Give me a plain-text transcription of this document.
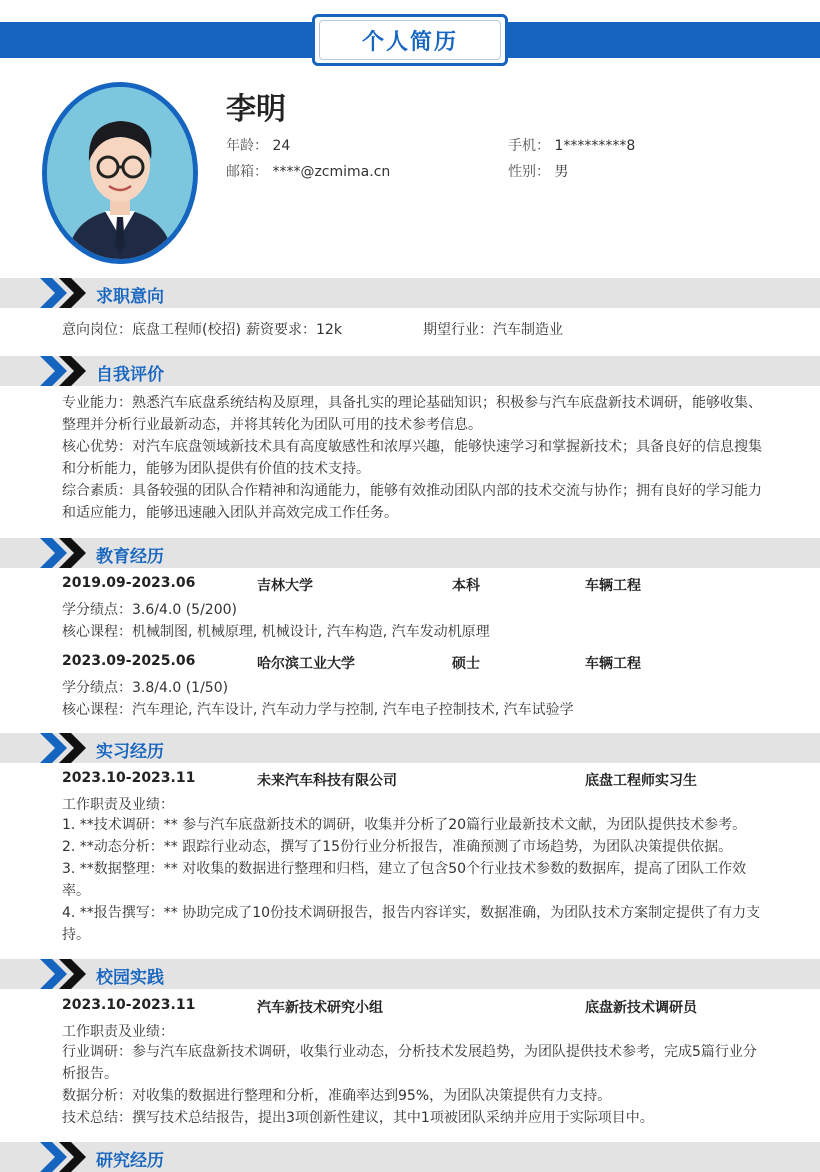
个人简历
李明
年龄： 24	手机： 1*********8
邮箱： ****@zcmima.cn	性别： 男
求职意向
意向岗位：底盘工程师(校招) 薪资要求：12k	期望行业：汽车制造业
自我评价
专业能力：熟悉汽车底盘系统结构及原理，具备扎实的理论基础知识；积极参与汽车底盘新技术调研，能够收集、整理并分析行业最新动态，并将其转化为团队可用的技术参考信息。
核心优势：对汽车底盘领域新技术具有高度敏感性和浓厚兴趣，能够快速学习和掌握新技术；具备良好的信息搜集和分析能力，能够为团队提供有价值的技术支持。
综合素质：具备较强的团队合作精神和沟通能力，能够有效推动团队内部的技术交流与协作；拥有良好的学习能力和适应能力，能够迅速融入团队并高效完成工作任务。
教育经历
2019.09-2023.06	吉林大学	本科	车辆工程
学分绩点：3.6/4.0 (5/200)
核心课程：机械制图, 机械原理, 机械设计, 汽车构造, 汽车发动机原理
2023.09-2025.06	哈尔滨工业大学	硕士	车辆工程
学分绩点：3.8/4.0 (1/50)
核心课程：汽车理论, 汽车设计, 汽车动力学与控制, 汽车电子控制技术, 汽车试验学
实习经历
2023.10-2023.11	未来汽车科技有限公司	底盘工程师实习生
工作职责及业绩：
1. **技术调研：** 参与汽车底盘新技术的调研，收集并分析了20篇行业最新技术文献，为团队提供技术参考。
2. **动态分析：** 跟踪行业动态，撰写了15份行业分析报告，准确预测了市场趋势，为团队决策提供依据。
3. **数据整理：** 对收集的数据进行整理和归档，建立了包含50个行业技术参数的数据库，提高了团队工作效率。
4. **报告撰写：** 协助完成了10份技术调研报告，报告内容详实，数据准确，为团队技术方案制定提供了有力支持。
校园实践
2023.10-2023.11	汽车新技术研究小组	底盘新技术调研员
工作职责及业绩：
行业调研：参与汽车底盘新技术调研，收集行业动态，分析技术发展趋势，为团队提供技术参考，完成5篇行业分析报告。
数据分析：对收集的数据进行整理和分析，准确率达到95%，为团队决策提供有力支持。
技术总结：撰写技术总结报告，提出3项创新性建议，其中1项被团队采纳并应用于实际项目中。
研究经历
